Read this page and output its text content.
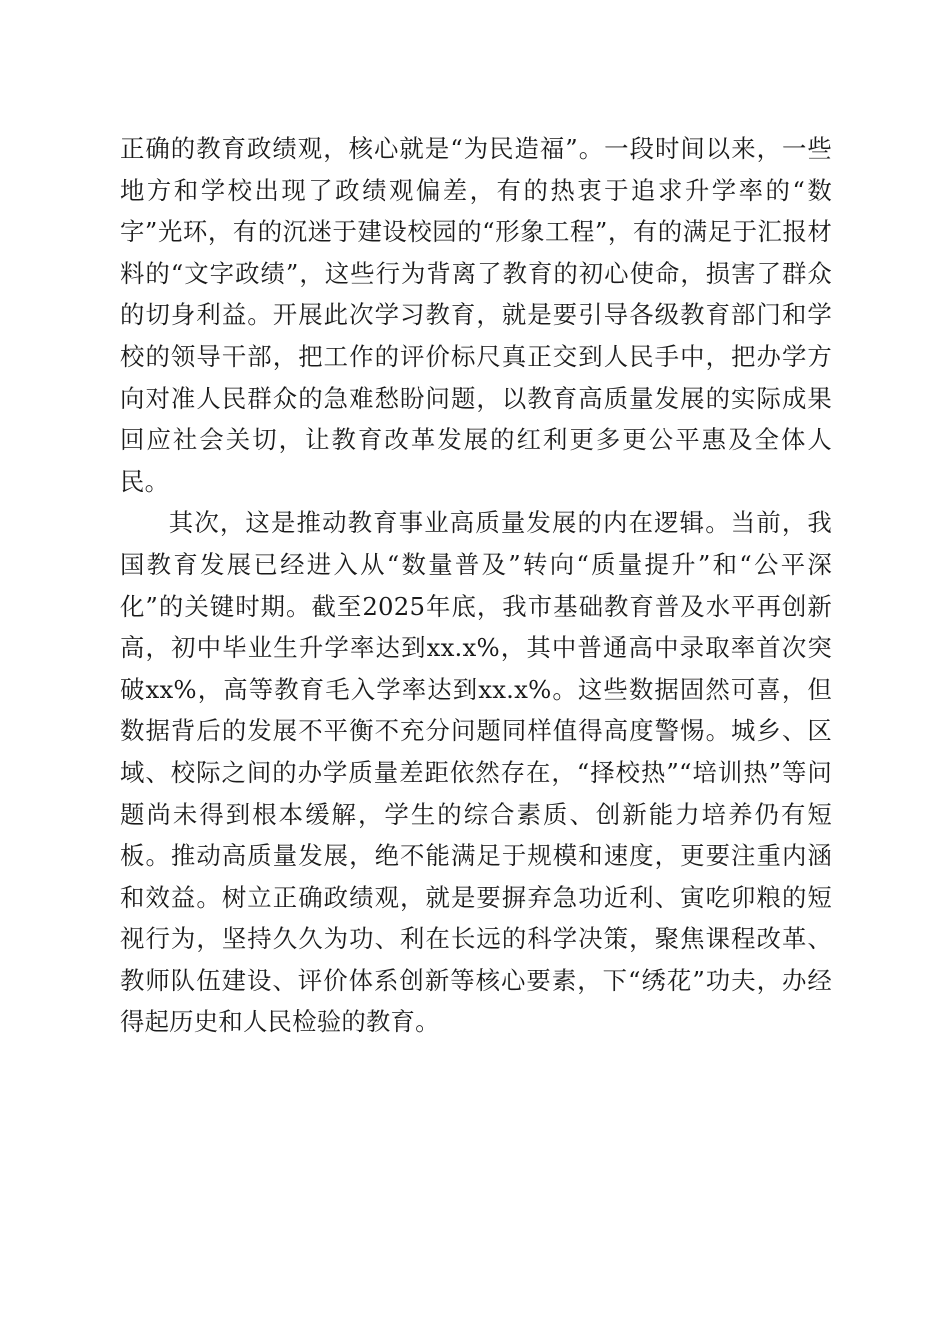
正确的教育政绩观，核心就是“为民造福”。一段时间以来，一些地方和学校出现了政绩观偏差，有的热衷于追求升学率的“数字”光环，有的沉迷于建设校园的“形象工程”，有的满足于汇报材料的“文字政绩”，这些行为背离了教育的初心使命，损害了群众的切身利益。开展此次学习教育，就是要引导各级教育部门和学校的领导干部，把工作的评价标尺真正交到人民手中，把办学方向对准人民群众的急难愁盼问题，以教育高质量发展的实际成果回应社会关切，让教育改革发展的红利更多更公平惠及全体人民。

其次，这是推动教育事业高质量发展的内在逻辑。当前，我国教育发展已经进入从“数量普及”转向“质量提升”和“公平深化”的关键时期。截至2025年底，我市基础教育普及水平再创新高，初中毕业生升学率达到xx.x%，其中普通高中录取率首次突破xx%，高等教育毛入学率达到xx.x%。这些数据固然可喜，但数据背后的发展不平衡不充分问题同样值得高度警惕。城乡、区域、校际之间的办学质量差距依然存在，“择校热”“培训热”等问题尚未得到根本缓解，学生的综合素质、创新能力培养仍有短板。推动高质量发展，绝不能满足于规模和速度，更要注重内涵和效益。树立正确政绩观，就是要摒弃急功近利、寅吃卯粮的短视行为，坚持久久为功、利在长远的科学决策，聚焦课程改革、教师队伍建设、评价体系创新等核心要素，下“绣花”功夫，办经得起历史和人民检验的教育。
